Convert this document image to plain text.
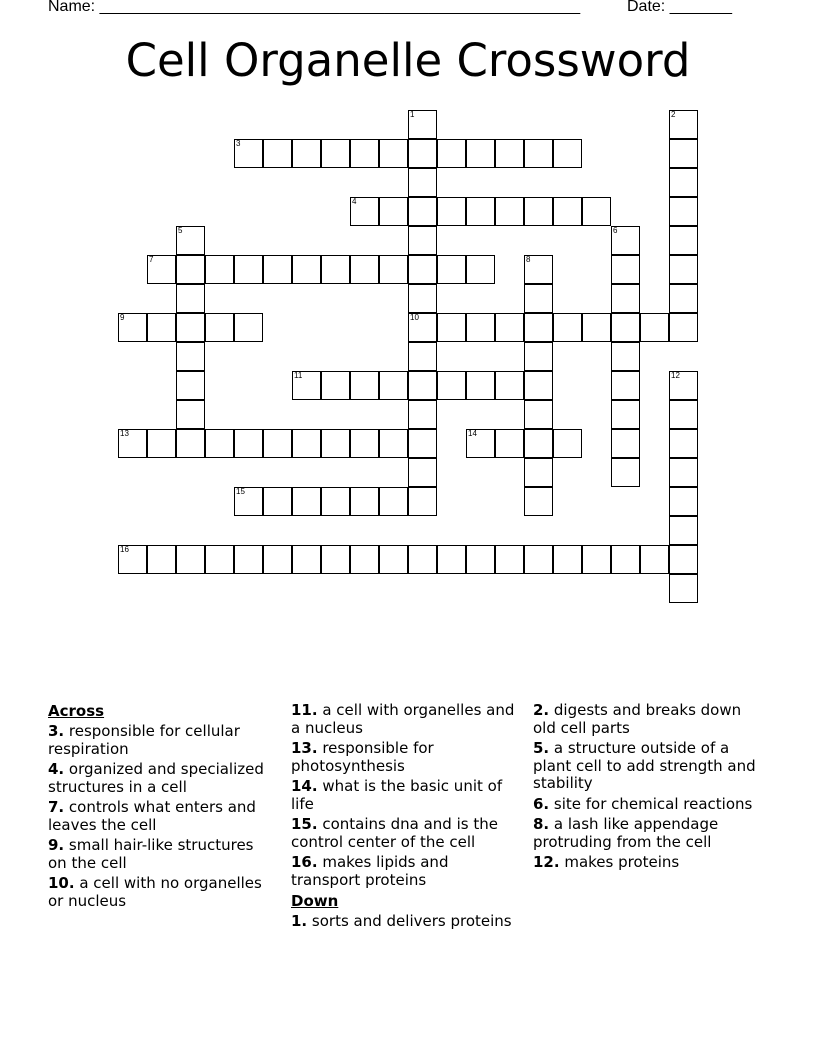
Name: ______________________________________________________	Date: _______
Cell Organelle Crossword
3
4
7
9	10
11
13	14
15
16
1	2
5	6
8
12
Across
3. responsible for cellular respiration
4. organized and specialized structures in a cell
7. controls what enters and leaves the cell
9. small hair-like structures on the cell
10. a cell with no organelles or nucleus
11. a cell with organelles and a nucleus
13. responsible for photosynthesis
14. what is the basic unit of life
15. contains dna and is the control center of the cell
16. makes lipids and transport proteins
Down
1. sorts and delivers proteins
2. digests and breaks down old cell parts
5. a structure outside of a plant cell to add strength and stability
6. site for chemical reactions
8. a lash like appendage protruding from the cell
12. makes proteins
